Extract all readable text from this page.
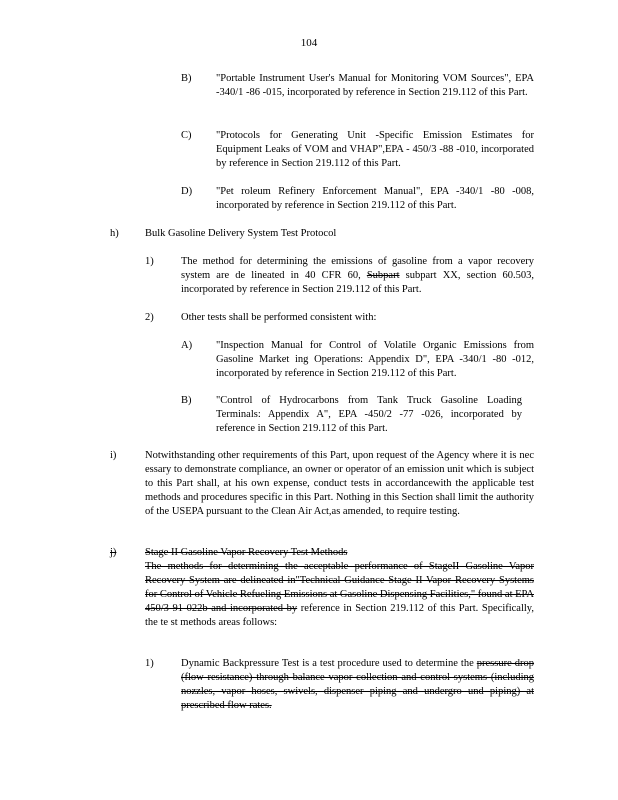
104
B) "Portable Instrument User's Manual for Monitoring VOM Sources", EPA -340/1 -86 -015, incorporated by reference in Section 219.112 of this Part.
C) "Protocols for Generating Unit -Specific Emission Estimates for Equipment Leaks of VOM and VHAP",EPA - 450/3 -88 -010, incorporated by reference in Section 219.112 of this Part.
D) "Pet roleum Refinery Enforcement Manual", EPA -340/1 -80 -008, incorporated by reference in Section 219.112 of this Part.
h)	Bulk Gasoline Delivery System Test Protocol
1)	The method for determining the emissions of gasoline from a vapor recovery system are de lineated in 40 CFR 60, Subpart subpart XX, section 60.503, incorporated by reference in Section 219.112 of this Part.
2)	Other tests shall be performed consistent with:
A) "Inspection Manual for Control of Volatile Organic Emissions from Gasoline Market ing Operations: Appendix D", EPA -340/1 -80 -012, incorporated by reference in Section 219.112 of this Part.
B) "Control of Hydrocarbons from Tank Truck Gasoline Loading Terminals: Appendix A", EPA -450/2 -77 -026, incorporated by reference in Section 219.112 of this Part.
i)	Notwithstanding other requirements of this Part, upon request of the Agency where it is nec essary to demonstrate compliance, an owner or operator of an emission unit which is subject to this Part shall, at his own expense, conduct tests in accordancewith the applicable test methods and procedures specific in this Part. Nothing in this Section shall limit the authority of the USEPA pursuant to the Clean Air Act,as amended, to require testing.
j)	Stage II Gasoline Vapor Recovery Test Methods
The methods for determining the acceptable performance of StageII Gasoline Vapor Recovery System are delineated in"Technical Guidance Stage II Vapor Recovery Systems for Control of Vehicle Refueling Emissions at Gasoline Dispensing Facilities," found at EPA 450/3 91 022b and incorporated by reference in Section 219.112 of this Part. Specifically, the te st methods areas follows:
1)	Dynamic Backpressure Test is a test procedure used to determine the pressure drop (flow resistance) through balance vapor collection and control systems (including nozzles, vapor hoses, swivels, dispenser piping and undergro und piping) at prescribed flow rates.
